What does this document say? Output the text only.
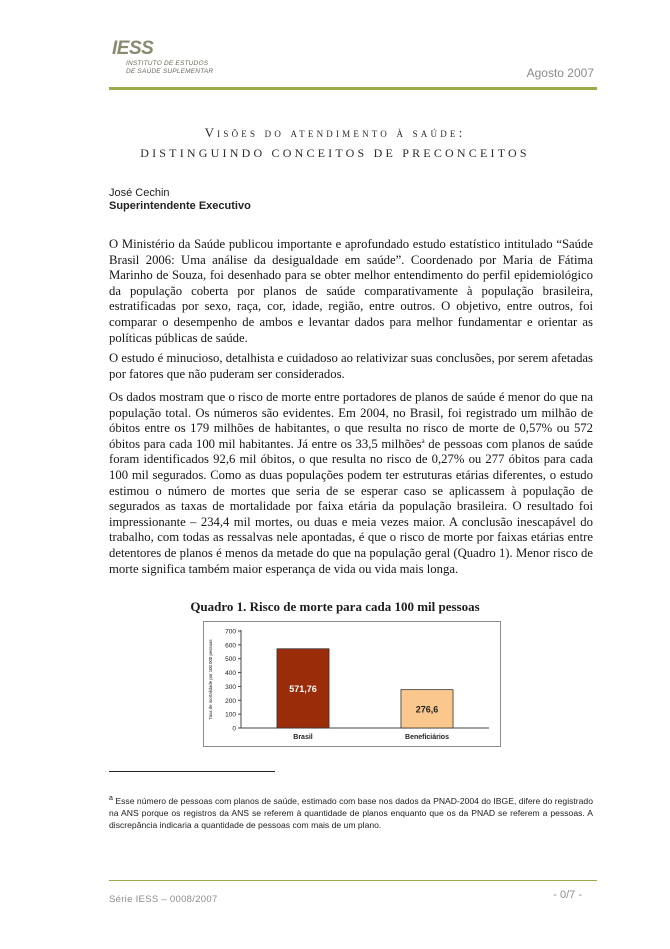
IESS
INSTITUTO DE ESTUDOS
DE SAÚDE SUPLEMENTAR	Agosto 2007
Visões do atendimento à saúde:
DISTINGUINDO CONCEITOS DE PRECONCEITOS
José Cechin
Superintendente Executivo
O Ministério da Saúde publicou importante e aprofundado estudo estatístico intitulado “Saúde Brasil 2006: Uma análise da desigualdade em saúde”. Coordenado por Maria de Fátima Marinho de Souza, foi desenhado para se obter melhor entendimento do perfil epidemiológico da população coberta por planos de saúde comparativamente à população brasileira, estratificadas por sexo, raça, cor, idade, região, entre outros. O objetivo, entre outros, foi comparar o desempenho de ambos e levantar dados para melhor fundamentar e orientar as políticas públicas de saúde.
O estudo é minucioso, detalhista e cuidadoso ao relativizar suas conclusões, por serem afetadas por fatores que não puderam ser considerados.
Os dados mostram que o risco de morte entre portadores de planos de saúde é menor do que na população total. Os números são evidentes. Em 2004, no Brasil, foi registrado um milhão de óbitos entre os 179 milhões de habitantes, o que resulta no risco de morte de 0,57% ou 572 óbitos para cada 100 mil habitantes. Já entre os 33,5 milhões$^a$ de pessoas com planos de saúde foram identificados 92,6 mil óbitos, o que resulta no risco de 0,27% ou 277 óbitos para cada 100 mil segurados. Como as duas populações podem ter estruturas etárias diferentes, o estudo estimou o número de mortes que seria de se esperar caso se aplicassem à população de segurados as taxas de mortalidade por faixa etária da população brasileira. O resultado foi impressionante – 234,4 mil mortes, ou duas e meia vezes maior. A conclusão inescapável do trabalho, com todas as ressalvas nele apontadas, é que o risco de morte por faixas etárias entre detentores de planos é menos da metade do que na população geral (Quadro 1). Menor risco de morte significa também maior esperança de vida ou vida mais longa.
Quadro 1. Risco de morte para cada 100 mil pessoas
Taxa de mortalidade por 100.000 pessoas
0
100
200
300
400
500
600
700
571,76
Brasil
276,6
Beneficiários
$^a$ Esse número de pessoas com planos de saúde, estimado com base nos dados da PNAD-2004 do IBGE, difere do registrado na ANS porque os registros da ANS se referem à quantidade de planos enquanto que os da PNAD se referem a pessoas. A discrepância indicaria a quantidade de pessoas com mais de um plano.
Série IESS – 0008/2007	- 0/7 -
